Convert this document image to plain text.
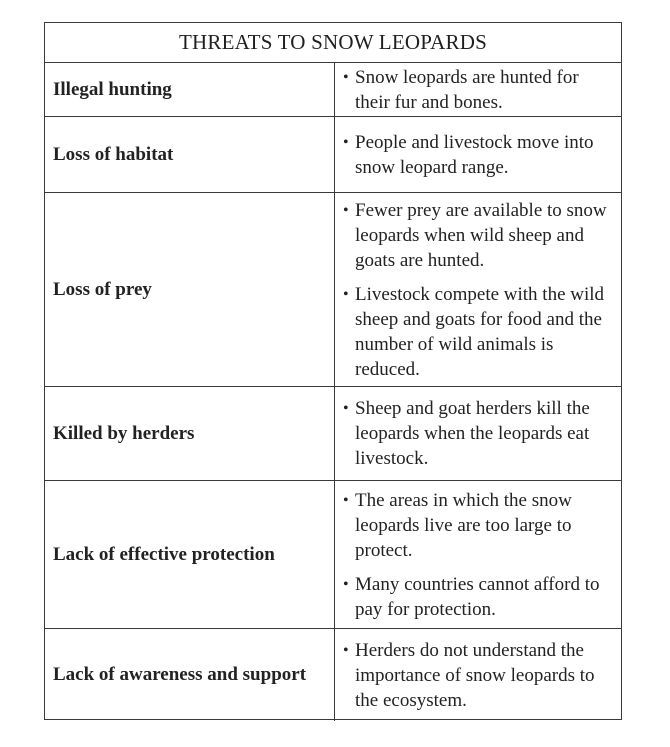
THREATS TO SNOW LEOPARDS
Illegal hunting
• Snow leopards are hunted for their fur and bones.
Loss of habitat
• People and livestock move into snow leopard range.
Loss of prey
• Fewer prey are available to snow leopards when wild sheep and goats are hunted.
• Livestock compete with the wild sheep and goats for food and the number of wild animals is reduced.
Killed by herders
• Sheep and goat herders kill the leopards when the leopards eat livestock.
Lack of effective protection
• The areas in which the snow leopards live are too large to protect.
• Many countries cannot afford to pay for protection.
Lack of awareness and support
• Herders do not understand the importance of snow leopards to the ecosystem.
